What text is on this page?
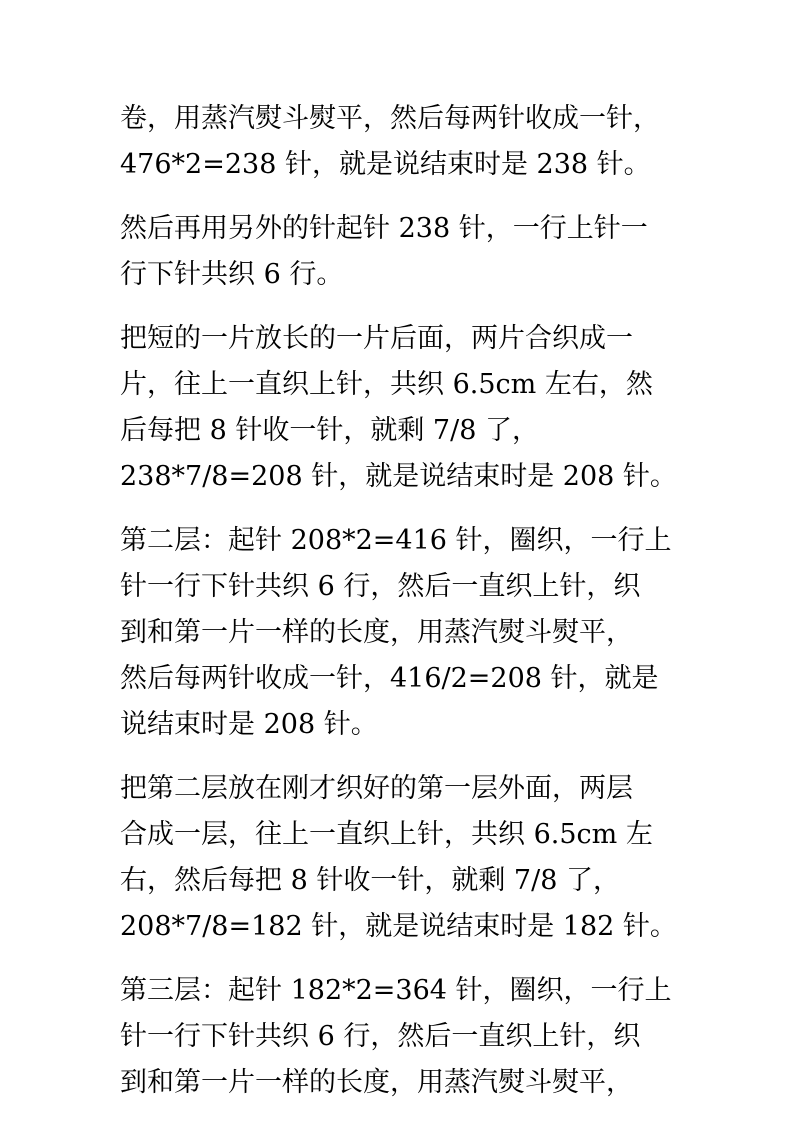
卷，用蒸汽熨斗熨平，然后每两针收成一针，
476*2=238 针，就是说结束时是 238 针。

然后再用另外的针起针 238 针，一行上针一
行下针共织 6 行。

把短的一片放长的一片后面，两片合织成一
片，往上一直织上针，共织 6.5cm 左右，然
后每把 8 针收一针，就剩 7/8 了，
238*7/8=208 针，就是说结束时是 208 针。

第二层：起针 208*2=416 针，圈织，一行上
针一行下针共织 6 行，然后一直织上针，织
到和第一片一样的长度，用蒸汽熨斗熨平，
然后每两针收成一针，416/2=208 针，就是
说结束时是 208 针。

把第二层放在刚才织好的第一层外面，两层
合成一层，往上一直织上针，共织 6.5cm 左
右，然后每把 8 针收一针，就剩 7/8 了，
208*7/8=182 针，就是说结束时是 182 针。

第三层：起针 182*2=364 针，圈织，一行上
针一行下针共织 6 行，然后一直织上针，织
到和第一片一样的长度，用蒸汽熨斗熨平，
